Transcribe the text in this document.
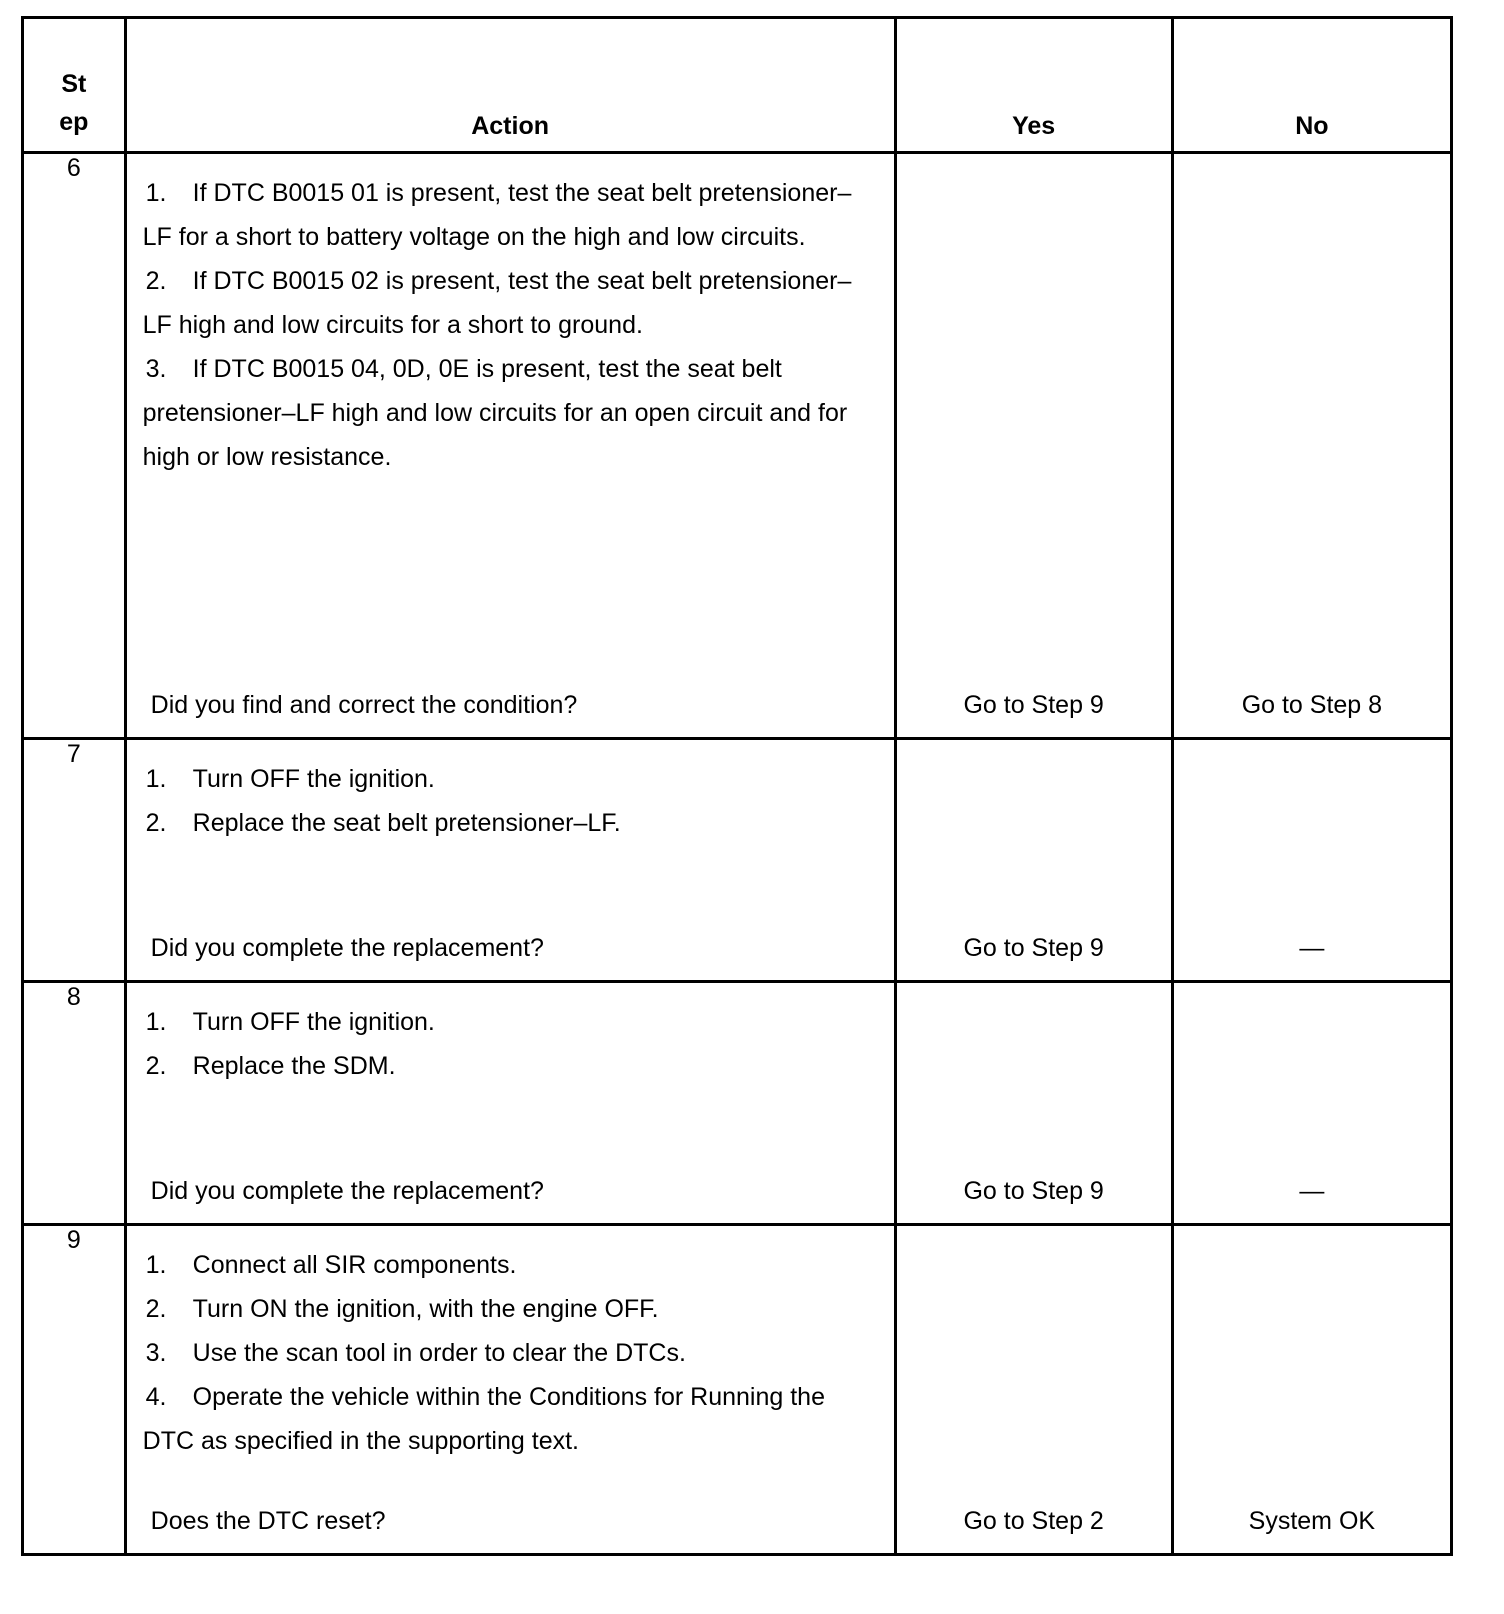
St
ep	Action	Yes	No
6	1. If DTC B0015 01 is present, test the seat belt pretensioner–LF for a short to battery voltage on the high and low circuits.
2. If DTC B0015 02 is present, test the seat belt pretensioner–LF high and low circuits for a short to ground.
3. If DTC B0015 04, 0D, 0E is present, test the seat belt pretensioner–LF high and low circuits for an open circuit and for high or low resistance.
Did you find and correct the condition?	Go to Step 9	Go to Step 8

7	1. Turn OFF the ignition.
2. Replace the seat belt pretensioner–LF.
Did you complete the replacement?	Go to Step 9	—

8	1. Turn OFF the ignition.
2. Replace the SDM.
Did you complete the replacement?	Go to Step 9	—

9	1. Connect all SIR components.
2. Turn ON the ignition, with the engine OFF.
3. Use the scan tool in order to clear the DTCs.
4. Operate the vehicle within the Conditions for Running the DTC as specified in the supporting text.
Does the DTC reset?	Go to Step 2	System OK
